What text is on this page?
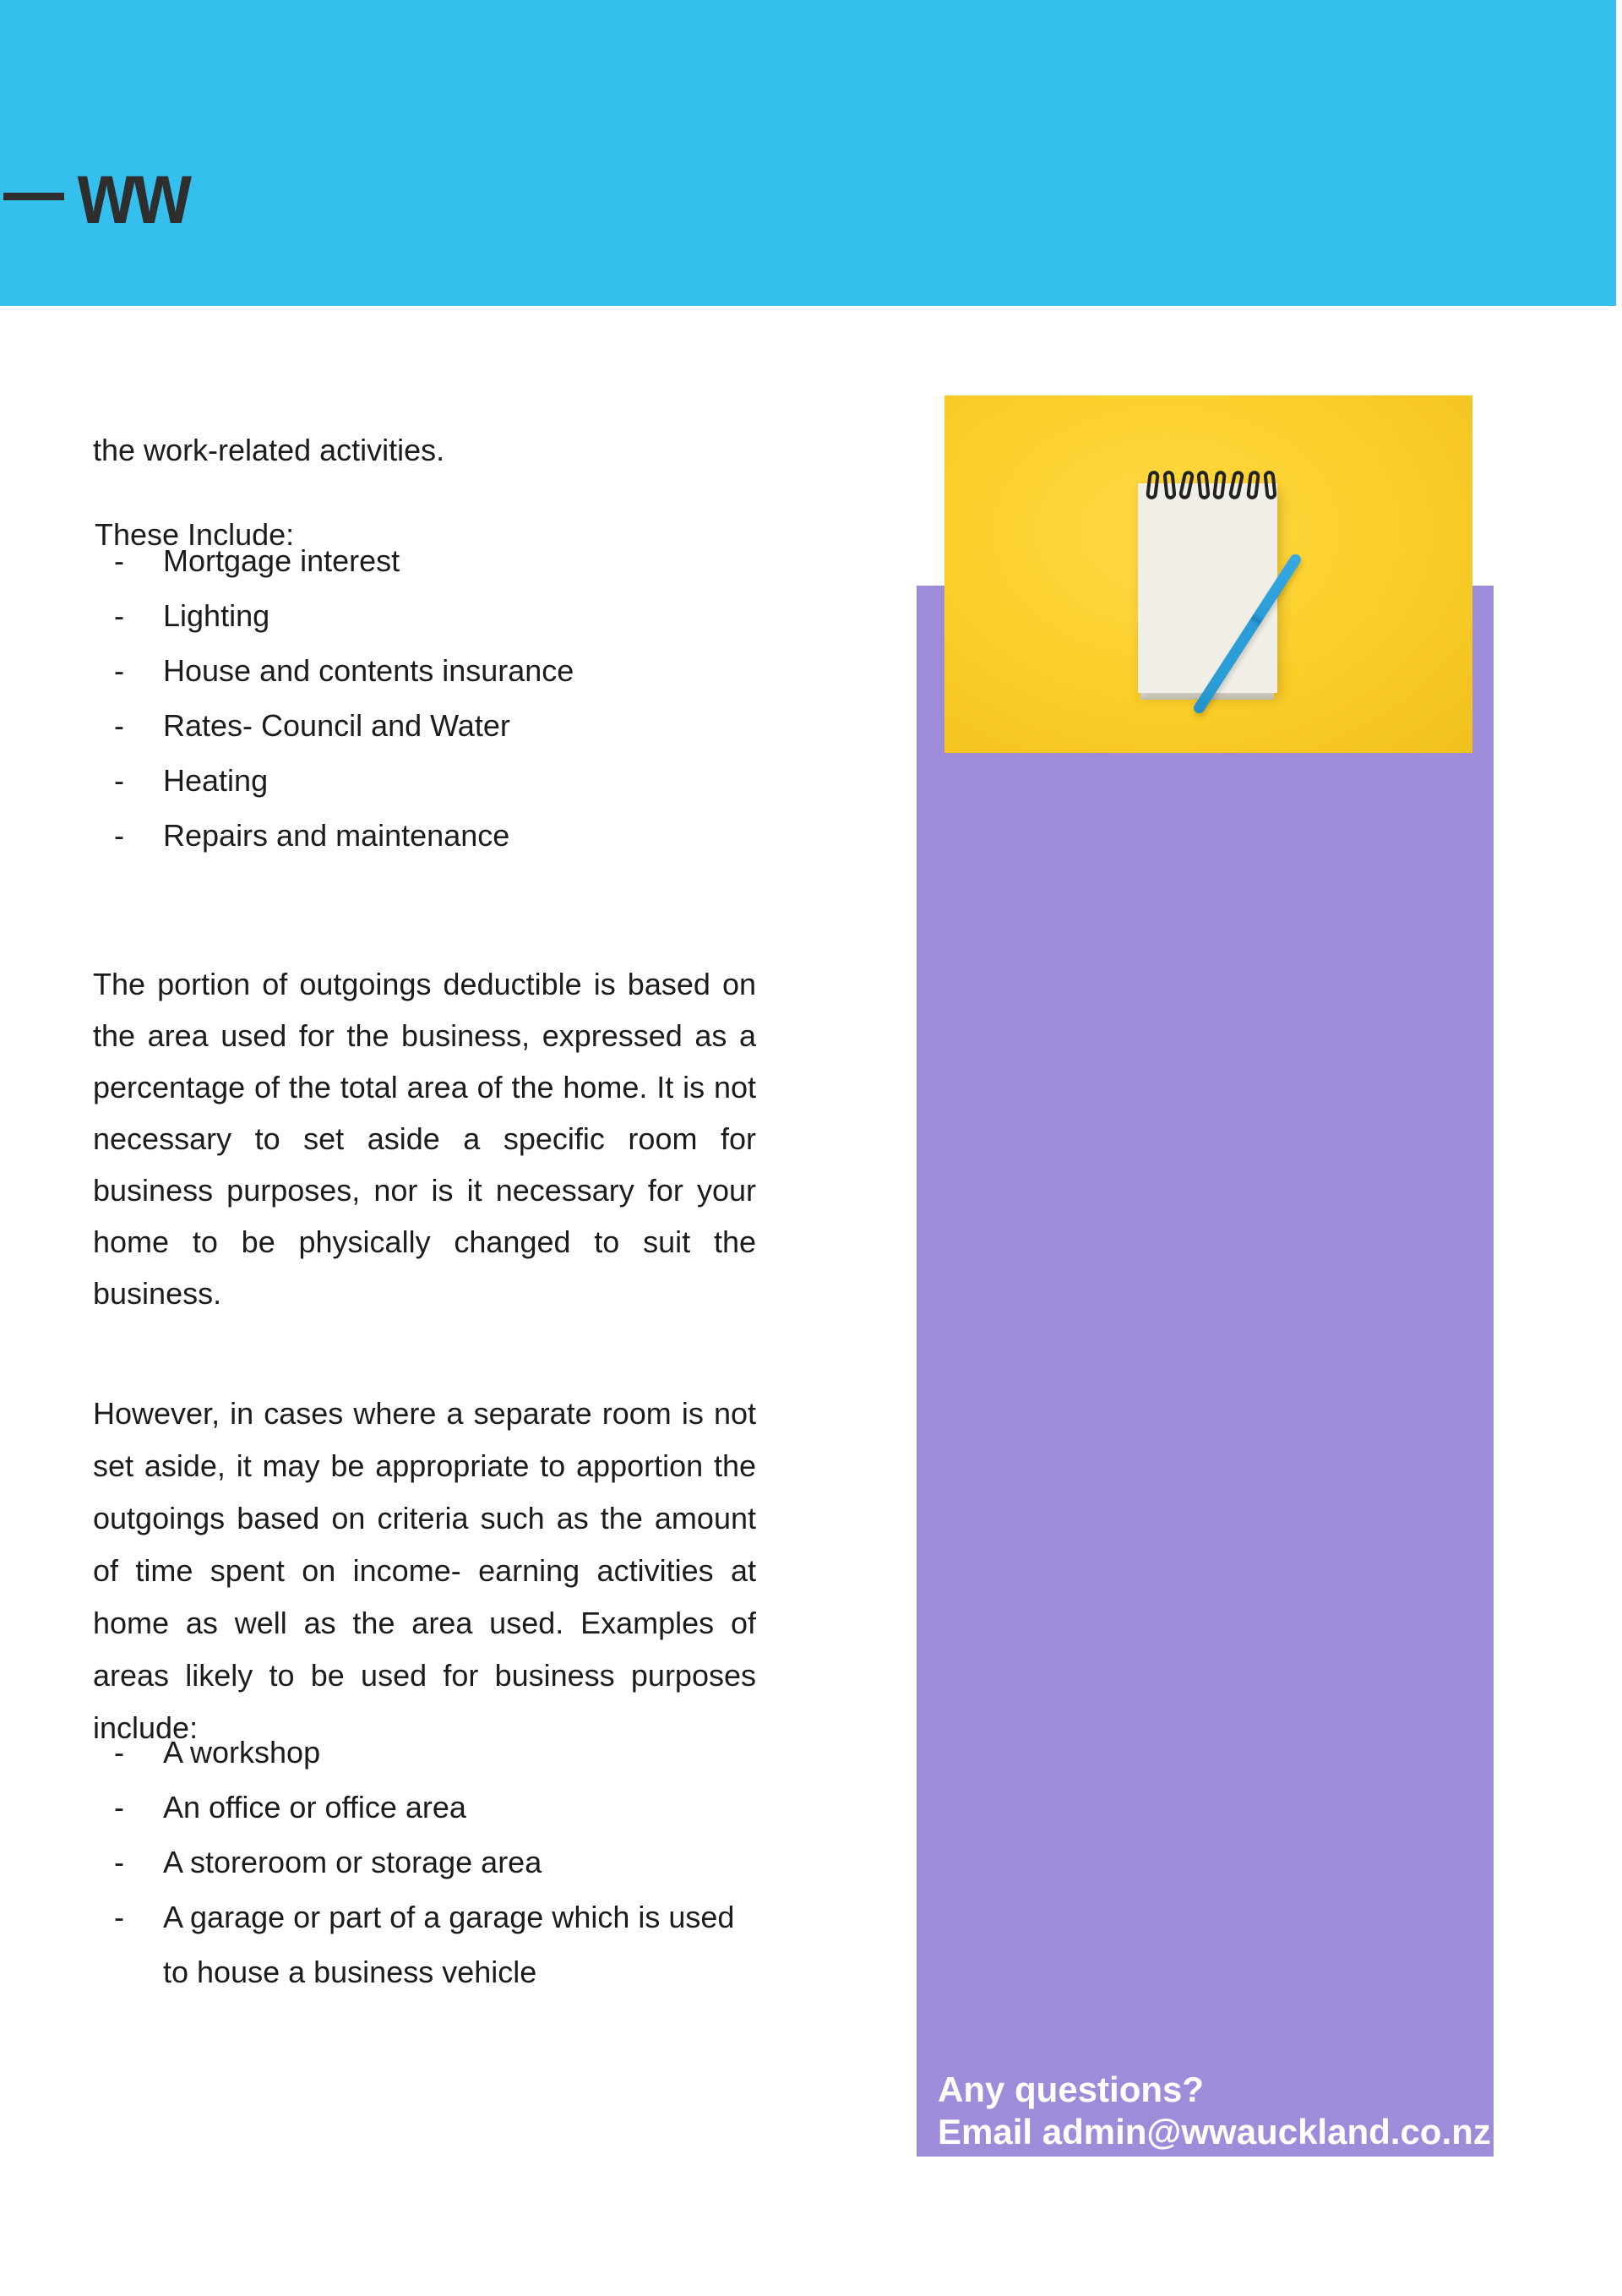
ww

the work-related activities.

These Include:

-	Mortgage interest
-	Lighting
-	House and contents insurance
-	Rates- Council and Water
-	Heating
-	Repairs and maintenance

The portion of outgoings deductible is based on the area used for the business, expressed as a percentage of the total area of the home. It is not necessary to set aside a specific room for business purposes, nor is it necessary for your home to be physically changed to suit the business.

However, in cases where a separate room is not set aside, it may be appropriate to apportion the outgoings based on criteria such as the amount of time spent on income- earning activities at home as well as the area used. Examples of areas likely to be used for business purposes include:

-	A workshop
-	An office or office area
-	A storeroom or storage area
-	A garage or part of a garage which is used to house a business vehicle
Any questions?
Email admin@wwauckland.co.nz
